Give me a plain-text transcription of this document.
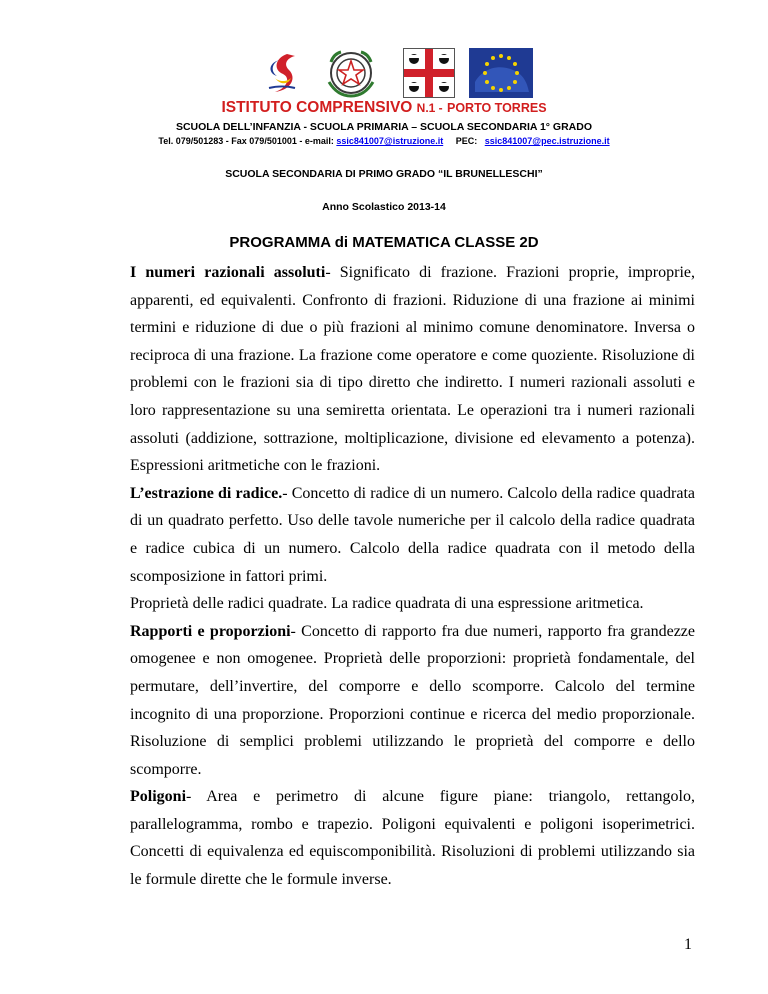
ISTITUTO COMPRENSIVO N.1 - PORTO TORRES
SCUOLA DELL’INFANZIA - SCUOLA PRIMARIA – SCUOLA SECONDARIA 1° GRADO
Tel. 079/501283 - Fax 079/501001 - e-mail: ssic841007@istruzione.it PEC: ssic841007@pec.istruzione.it
SCUOLA SECONDARIA DI PRIMO GRADO “IL BRUNELLESCHI”
Anno Scolastico 2013-14
PROGRAMMA di MATEMATICA CLASSE 2D

I numeri razionali assoluti- Significato di frazione. Frazioni proprie, improprie, apparenti, ed equivalenti. Confronto di frazioni. Riduzione di una frazione ai minimi termini e riduzione di due o più frazioni al minimo comune denominatore. Inversa o reciproca di una frazione. La frazione come operatore e come quoziente. Risoluzione di problemi con le frazioni sia di tipo diretto che indiretto. I numeri razionali assoluti e loro rappresentazione su una semiretta orientata. Le operazioni tra i numeri razionali assoluti (addizione, sottrazione, moltiplicazione, divisione ed elevamento a potenza). Espressioni aritmetiche con le frazioni.

L’estrazione di radice.- Concetto di radice di un numero. Calcolo della radice quadrata di un quadrato perfetto. Uso delle tavole numeriche per il calcolo della radice quadrata e radice cubica di un numero. Calcolo della radice quadrata con il metodo della scomposizione in fattori primi.

Proprietà delle radici quadrate. La radice quadrata di una espressione aritmetica.

Rapporti e proporzioni- Concetto di rapporto fra due numeri, rapporto fra grandezze omogenee e non omogenee. Proprietà delle proporzioni: proprietà fondamentale, del permutare, dell’invertire, del comporre e dello scomporre. Calcolo del termine incognito di una proporzione. Proporzioni continue e ricerca del medio proporzionale. Risoluzione di semplici problemi utilizzando le proprietà del comporre e dello scomporre.

Poligoni- Area e perimetro di alcune figure piane: triangolo, rettangolo, parallelogramma, rombo e trapezio. Poligoni equivalenti e poligoni isoperimetrici. Concetti di equivalenza ed equiscomponibilità. Risoluzioni di problemi utilizzando sia le formule dirette che le formule inverse.

1
